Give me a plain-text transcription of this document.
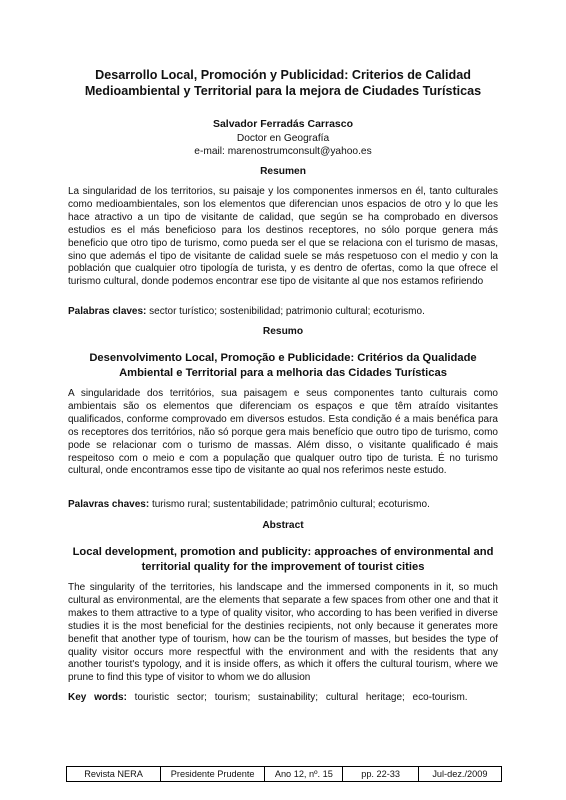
Desarrollo Local, Promoción y Publicidad: Criterios de Calidad
Medioambiental y Territorial para la mejora de Ciudades Turísticas
Salvador Ferradás Carrasco
Doctor en Geografía
e-mail: marenostrumconsult@yahoo.es
Resumen
La singularidad de los territorios, su paisaje y los componentes inmersos en él, tanto culturales como medioambientales, son los elementos que diferencian unos espacios de otro y lo que les hace atractivo a un tipo de visitante de calidad, que según se ha comprobado en diversos estudios es el más beneficioso para los destinos receptores, no sólo porque genera más beneficio que otro tipo de turismo, como pueda ser el que se relaciona con el turismo de masas, sino que además el tipo de visitante de calidad suele se más respetuoso con el medio y con la población que cualquier otro tipología de turista, y es dentro de ofertas, como la que ofrece el turismo cultural, donde podemos encontrar ese tipo de visitante al que nos estamos refiriendo
Palabras claves: sector turístico; sostenibilidad; patrimonio cultural; ecoturismo.
Resumo
Desenvolvimento Local, Promoção e Publicidade: Critérios da Qualidade
Ambiental e Territorial para a melhoria das Cidades Turísticas
A singularidade dos territórios, sua paisagem e seus componentes tanto culturais como ambientais são os elementos que diferenciam os espaços e que têm atraído visitantes qualificados, conforme comprovado em diversos estudos. Esta condição é a mais benéfica para os receptores dos territórios, não só porque gera mais benefício que outro tipo de turismo, como pode se relacionar com o turismo de massas. Além disso, o visitante qualificado é mais respeitoso com o meio e com a população que qualquer outro tipo de turista. É no turismo cultural, onde encontramos esse tipo de visitante ao qual nos referimos neste estudo.
Palavras chaves: turismo rural; sustentabilidade; patrimônio cultural; ecoturismo.
Abstract
Local development, promotion and publicity: approaches of environmental and
territorial quality for the improvement of tourist cities
The singularity of the territories, his landscape and the immersed components in it, so much cultural as environmental, are the elements that separate a few spaces from other one and that it makes to them attractive to a type of quality visitor, who according to has been verified in diverse studies it is the most beneficial for the destinies recipients, not only because it generates more benefit that another type of tourism, how can be the tourism of masses, but besides the type of quality visitor occurs more respectful with the environment and with the residents that any another tourist's typology, and it is inside offers, as which it offers the cultural tourism, where we prune to find this type of visitor to whom we do allusion
Key words: touristic sector; tourism; sustainability; cultural heritage; eco-tourism.
Revista NERA	Presidente Prudente	Ano 12, nº. 15	pp. 22-33	Jul-dez./2009
